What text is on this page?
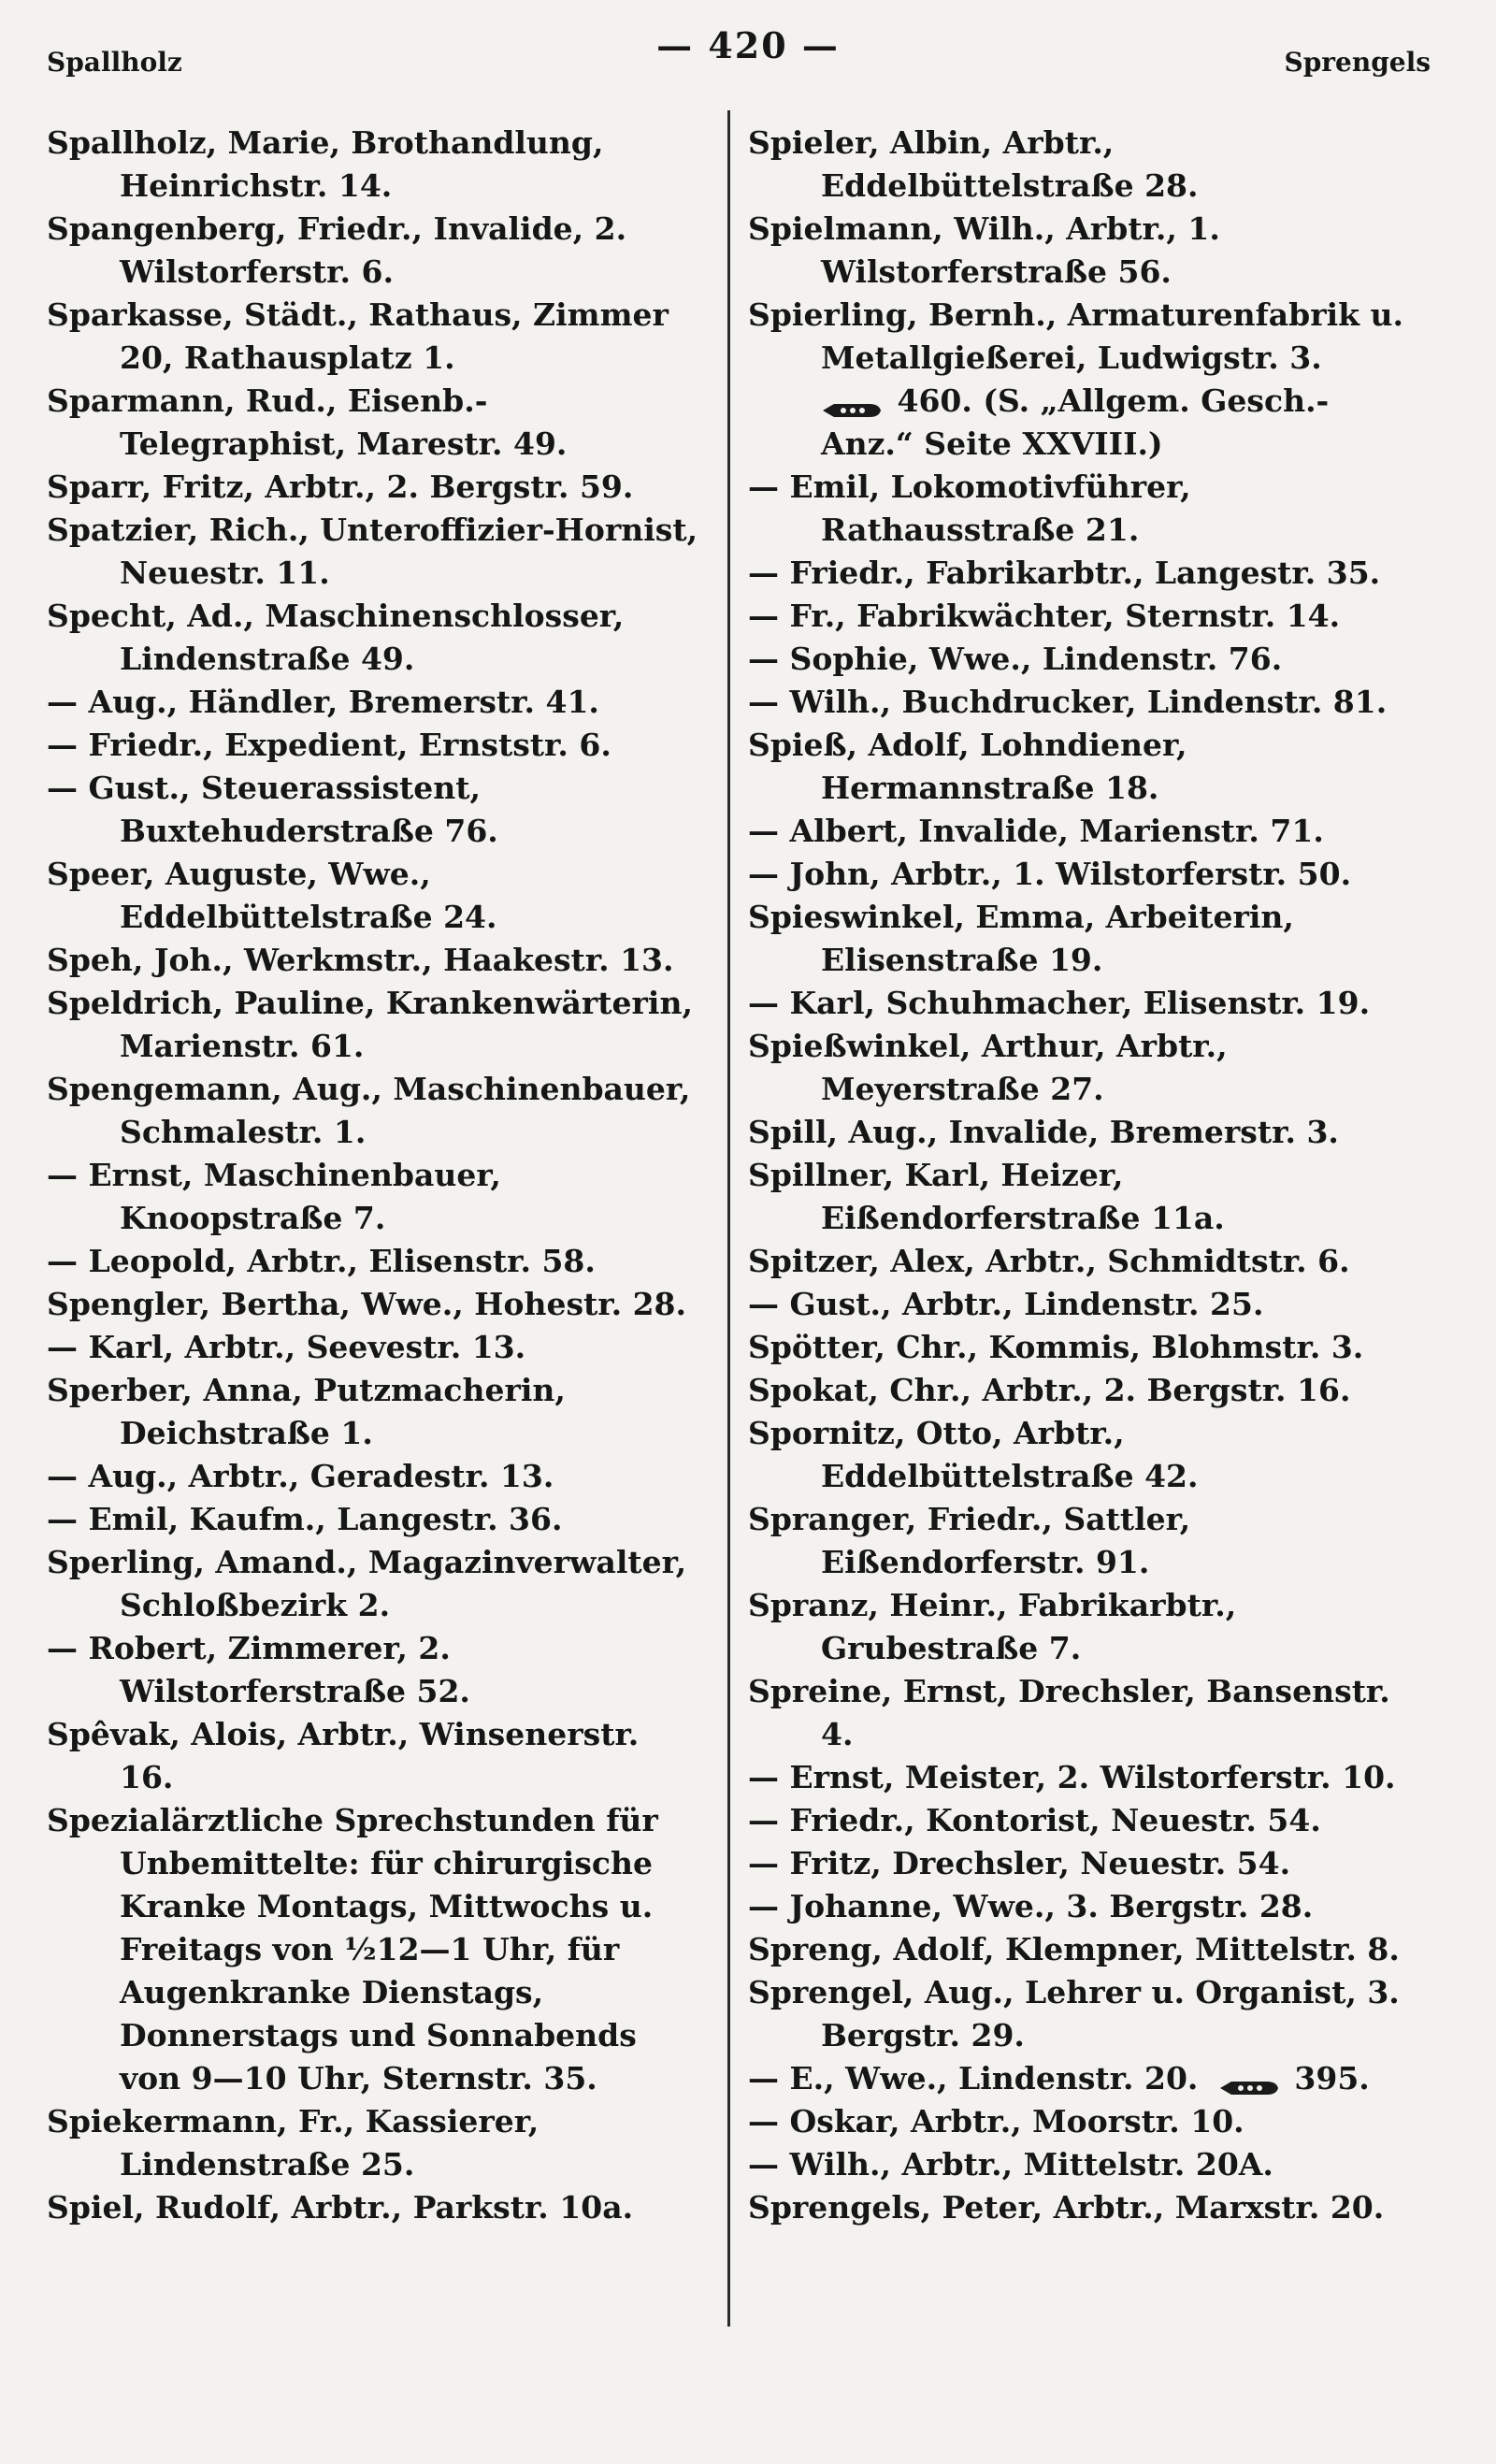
Spallholz	— 420 —	Sprengels

Spallholz, Marie, Brothandlung, Heinrichstr. 14.

Spangenberg, Friedr., Invalide, 2. Wilstorferstr. 6.

Sparkasse, Städt., Rathaus, Zimmer 20, Rathausplatz 1.

Sparmann, Rud., Eisenb.-Telegraphist, Marestr. 49.

Sparr, Fritz, Arbtr., 2. Bergstr. 59.

Spatzier, Rich., Unteroffizier-Hornist, Neuestr. 11.

Specht, Ad., Maschinenschlosser, Lindenstraße 49.

— Aug., Händler, Bremerstr. 41.

— Friedr., Expedient, Ernststr. 6.

— Gust., Steuerassistent, Buxtehuderstraße 76.

Speer, Auguste, Wwe., Eddelbüttelstraße 24.

Speh, Joh., Werkmstr., Haakestr. 13.

Speldrich, Pauline, Krankenwärterin, Marienstr. 61.

Spengemann, Aug., Maschinenbauer, Schmalestr. 1.

— Ernst, Maschinenbauer, Knoopstraße 7.

— Leopold, Arbtr., Elisenstr. 58.

Spengler, Bertha, Wwe., Hohestr. 28.

— Karl, Arbtr., Seevestr. 13.

Sperber, Anna, Putzmacherin, Deichstraße 1.

— Aug., Arbtr., Geradestr. 13.

— Emil, Kaufm., Langestr. 36.

Sperling, Amand., Magazinverwalter, Schloßbezirk 2.

— Robert, Zimmerer, 2. Wilstorferstraße 52.

Spêvak, Alois, Arbtr., Winsenerstr. 16.

Spezialärztliche Sprechstunden für Unbemittelte: für chirurgische Kranke Montags, Mittwochs u. Freitags von ½12—1 Uhr, für Augenkranke Dienstags, Donnerstags und Sonnabends von 9—10 Uhr, Sternstr. 35.

Spiekermann, Fr., Kassierer, Lindenstraße 25.

Spiel, Rudolf, Arbtr., Parkstr. 10a.

Spieler, Albin, Arbtr., Eddelbüttelstraße 28.

Spielmann, Wilh., Arbtr., 1. Wilstorferstraße 56.

Spierling, Bernh., Armaturenfabrik u. Metallgießerei, Ludwigstr. 3.

460. (S. „Allgem. Gesch.-Anz.“ Seite XXVIII.)

— Emil, Lokomotivführer, Rathausstraße 21.

— Friedr., Fabrikarbtr., Langestr. 35.

— Fr., Fabrikwächter, Sternstr. 14.

— Sophie, Wwe., Lindenstr. 76.

— Wilh., Buchdrucker, Lindenstr. 81.

Spieß, Adolf, Lohndiener, Hermannstraße 18.

— Albert, Invalide, Marienstr. 71.

— John, Arbtr., 1. Wilstorferstr. 50.

Spieswinkel, Emma, Arbeiterin, Elisenstraße 19.

— Karl, Schuhmacher, Elisenstr. 19.

Spießwinkel, Arthur, Arbtr., Meyerstraße 27.

Spill, Aug., Invalide, Bremerstr. 3.

Spillner, Karl, Heizer, Eißendorferstraße 11a.

Spitzer, Alex, Arbtr., Schmidtstr. 6.

— Gust., Arbtr., Lindenstr. 25.

Spötter, Chr., Kommis, Blohmstr. 3.

Spokat, Chr., Arbtr., 2. Bergstr. 16.

Spornitz, Otto, Arbtr., Eddelbüttelstraße 42.

Spranger, Friedr., Sattler, Eißendorferstr. 91.

Spranz, Heinr., Fabrikarbtr., Grubestraße 7.

Spreine, Ernst, Drechsler, Bansenstr. 4.

— Ernst, Meister, 2. Wilstorferstr. 10.

— Friedr., Kontorist, Neuestr. 54.

— Fritz, Drechsler, Neuestr. 54.

— Johanne, Wwe., 3. Bergstr. 28.

Spreng, Adolf, Klempner, Mittelstr. 8.

Sprengel, Aug., Lehrer u. Organist, 3. Bergstr. 29.

— E., Wwe., Lindenstr. 20.	395.

— Oskar, Arbtr., Moorstr. 10.

— Wilh., Arbtr., Mittelstr. 20A.

Sprengels, Peter, Arbtr., Marxstr. 20.
